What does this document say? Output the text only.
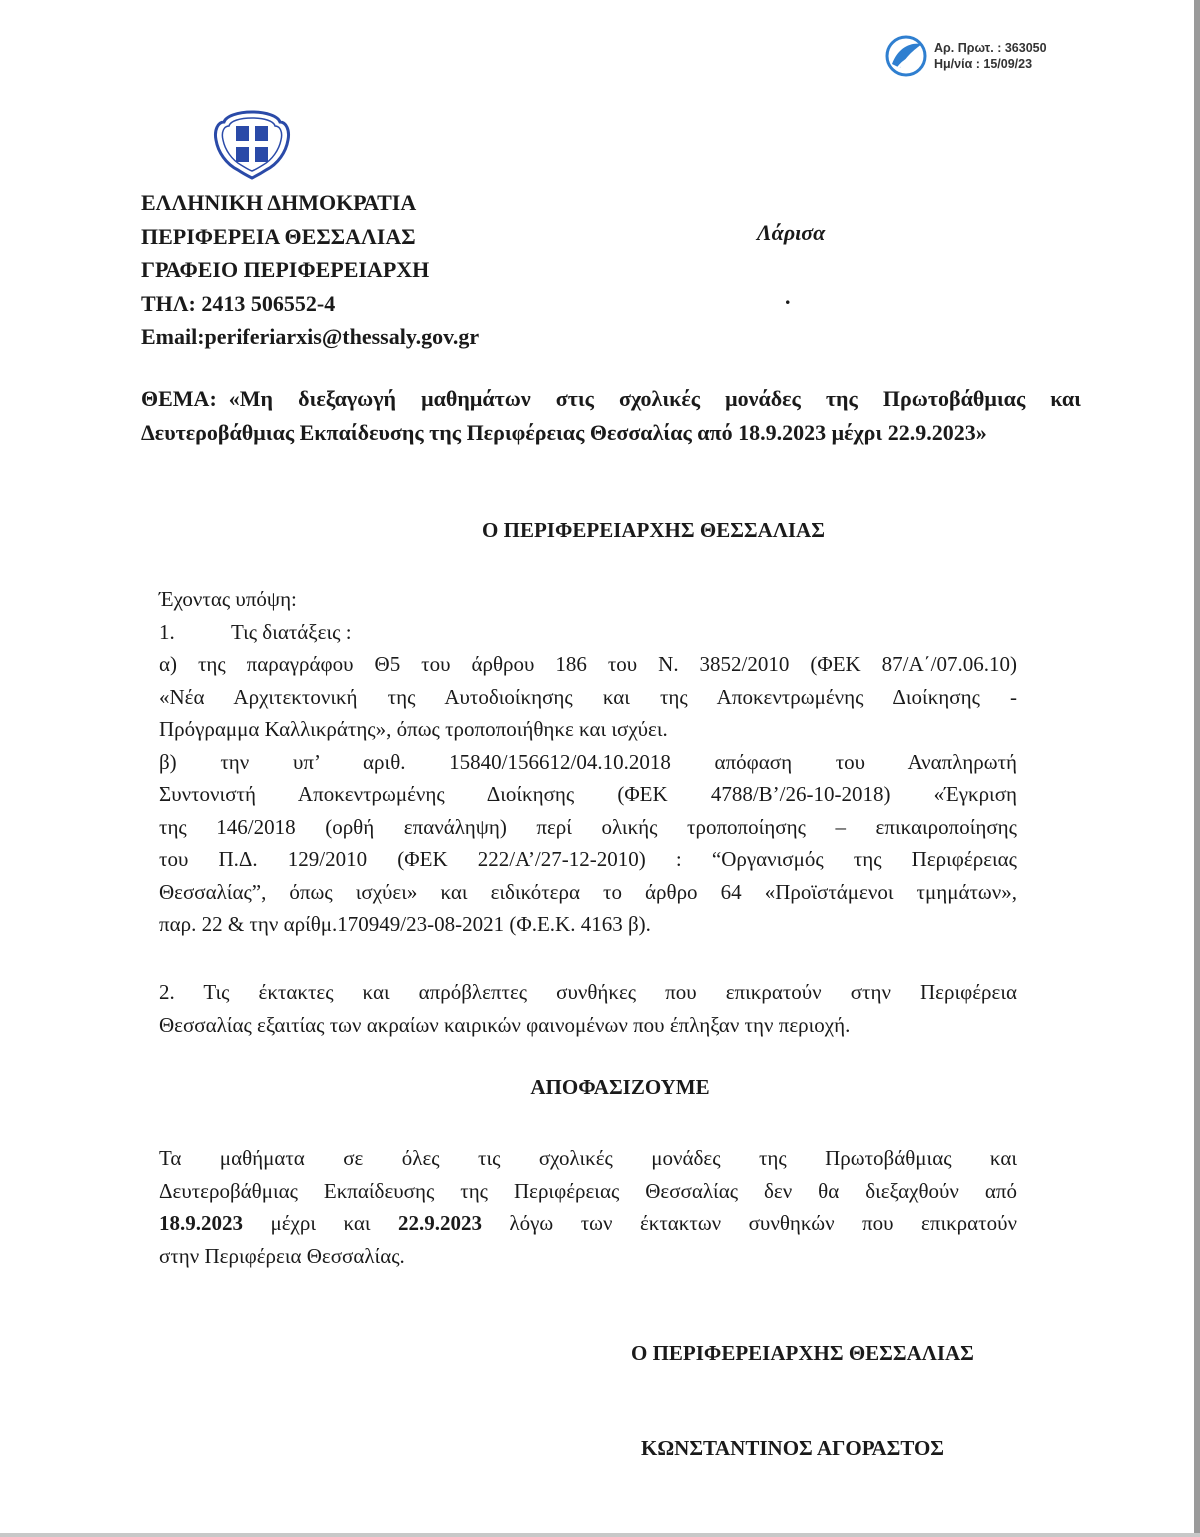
Αρ. Πρωτ. : 363050
Ημ/νία : 15/09/23
ΕΛΛΗΝΙΚΗ ΔΗΜΟΚΡΑΤΙΑ
ΠΕΡΙΦΕΡΕΙΑ ΘΕΣΣΑΛΙΑΣ
ΓΡΑΦΕΙΟ ΠΕΡΙΦΕΡΕΙΑΡΧΗ
ΤΗΛ: 2413 506552-4
Email:periferiarxis@thessaly.gov.gr
Λάρισα
.
ΘΕΜΑ: «Μη διεξαγωγή μαθημάτων στις σχολικές μονάδες της Πρωτοβάθμιας και Δευτεροβάθμιας Εκπαίδευσης της Περιφέρειας Θεσσαλίας από 18.9.2023 μέχρι 22.9.2023»
Ο ΠΕΡΙΦΕΡΕΙΑΡΧΗΣ ΘΕΣΣΑΛΙΑΣ
Έχοντας υπόψη:
1.	Τις διατάξεις :
α) της παραγράφου Θ5 του άρθρου 186 του Ν. 3852/2010 (ΦΕΚ 87/Α΄/07.06.10)
«Νέα Αρχιτεκτονική της Αυτοδιοίκησης και της Αποκεντρωμένης Διοίκησης -
Πρόγραμμα Καλλικράτης», όπως τροποποιήθηκε και ισχύει.
β) την υπ’ αριθ. 15840/156612/04.10.2018 απόφαση του Αναπληρωτή
Συντονιστή Αποκεντρωμένης Διοίκησης (ΦΕΚ 4788/Β’/26-10-2018) «Έγκριση
της 146/2018 (ορθή επανάληψη) περί ολικής τροποποίησης – επικαιροποίησης
του Π.Δ. 129/2010 (ΦΕΚ 222/Α’/27-12-2010) : “Οργανισμός της Περιφέρειας
Θεσσαλίας”, όπως ισχύει» και ειδικότερα το άρθρο 64 «Προϊστάμενοι τμημάτων»,
παρ. 22 & την αρίθμ.170949/23-08-2021 (Φ.Ε.Κ. 4163 β).
2. Τις έκτακτες και απρόβλεπτες συνθήκες που επικρατούν στην Περιφέρεια
Θεσσαλίας εξαιτίας των ακραίων καιρικών φαινομένων που έπληξαν την περιοχή.
ΑΠΟΦΑΣΙΖΟΥΜΕ
Τα μαθήματα σε όλες τις σχολικές μονάδες της Πρωτοβάθμιας και
Δευτεροβάθμιας Εκπαίδευσης της Περιφέρειας Θεσσαλίας δεν θα διεξαχθούν από
18.9.2023 μέχρι και 22.9.2023 λόγω των έκτακτων συνθηκών που επικρατούν
στην Περιφέρεια Θεσσαλίας.
Ο ΠΕΡΙΦΕΡΕΙΑΡΧΗΣ ΘΕΣΣΑΛΙΑΣ
ΚΩΝΣΤΑΝΤΙΝΟΣ ΑΓΟΡΑΣΤΟΣ
